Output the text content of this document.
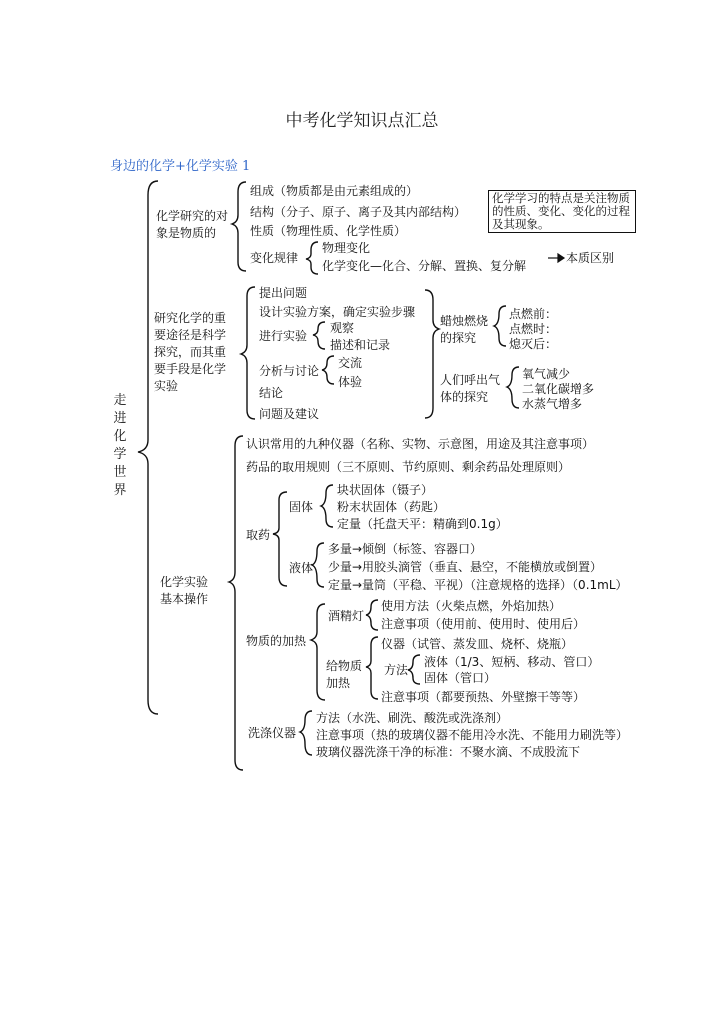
中考化学知识点汇总
身边的化学+化学实验 1
走进化学世界
化学研究的对象是物质的
组成（物质都是由元素组成的）
结构（分子、原子、离子及其内部结构）
性质（物理性质、化学性质）
变化规律
物理变化
化学变化—化合、分解、置换、复分解
本质区别
化学学习的特点是关注物质的性质、变化、变化的过程及其现象。
研究化学的重要途径是科学探究，而其重要手段是化学实验
提出问题
设计实验方案，确定实验步骤
进行实验
观察
描述和记录
分析与讨论
交流
体验
结论
问题及建议
蜡烛燃烧的探究
点燃前：
点燃时：
熄灭后：
人们呼出气体的探究
氧气减少
二氧化碳增多
水蒸气增多
化学实验基本操作
认识常用的九种仪器（名称、实物、示意图，用途及其注意事项）
药品的取用规则（三不原则、节约原则、剩余药品处理原则）
取药
固体
块状固体（镊子）
粉末状固体（药匙）
定量（托盘天平：精确到0.1g）
液体
多量→倾倒（标签、容器口）
少量→用胶头滴管（垂直、悬空，不能横放或倒置）
定量→量筒（平稳、平视）（注意规格的选择）（0.1mL）
物质的加热
酒精灯
使用方法（火柴点燃，外焰加热）
注意事项（使用前、使用时、使用后）
给物质加热
仪器（试管、蒸发皿、烧杯、烧瓶）
方法
液体（1/3、短柄、移动、管口）
固体（管口）
注意事项（都要预热、外壁擦干等等）
洗涤仪器
方法（水洗、刷洗、酸洗或洗涤剂）
注意事项（热的玻璃仪器不能用冷水洗、不能用力刷洗等）
玻璃仪器洗涤干净的标准：不聚水滴、不成股流下
